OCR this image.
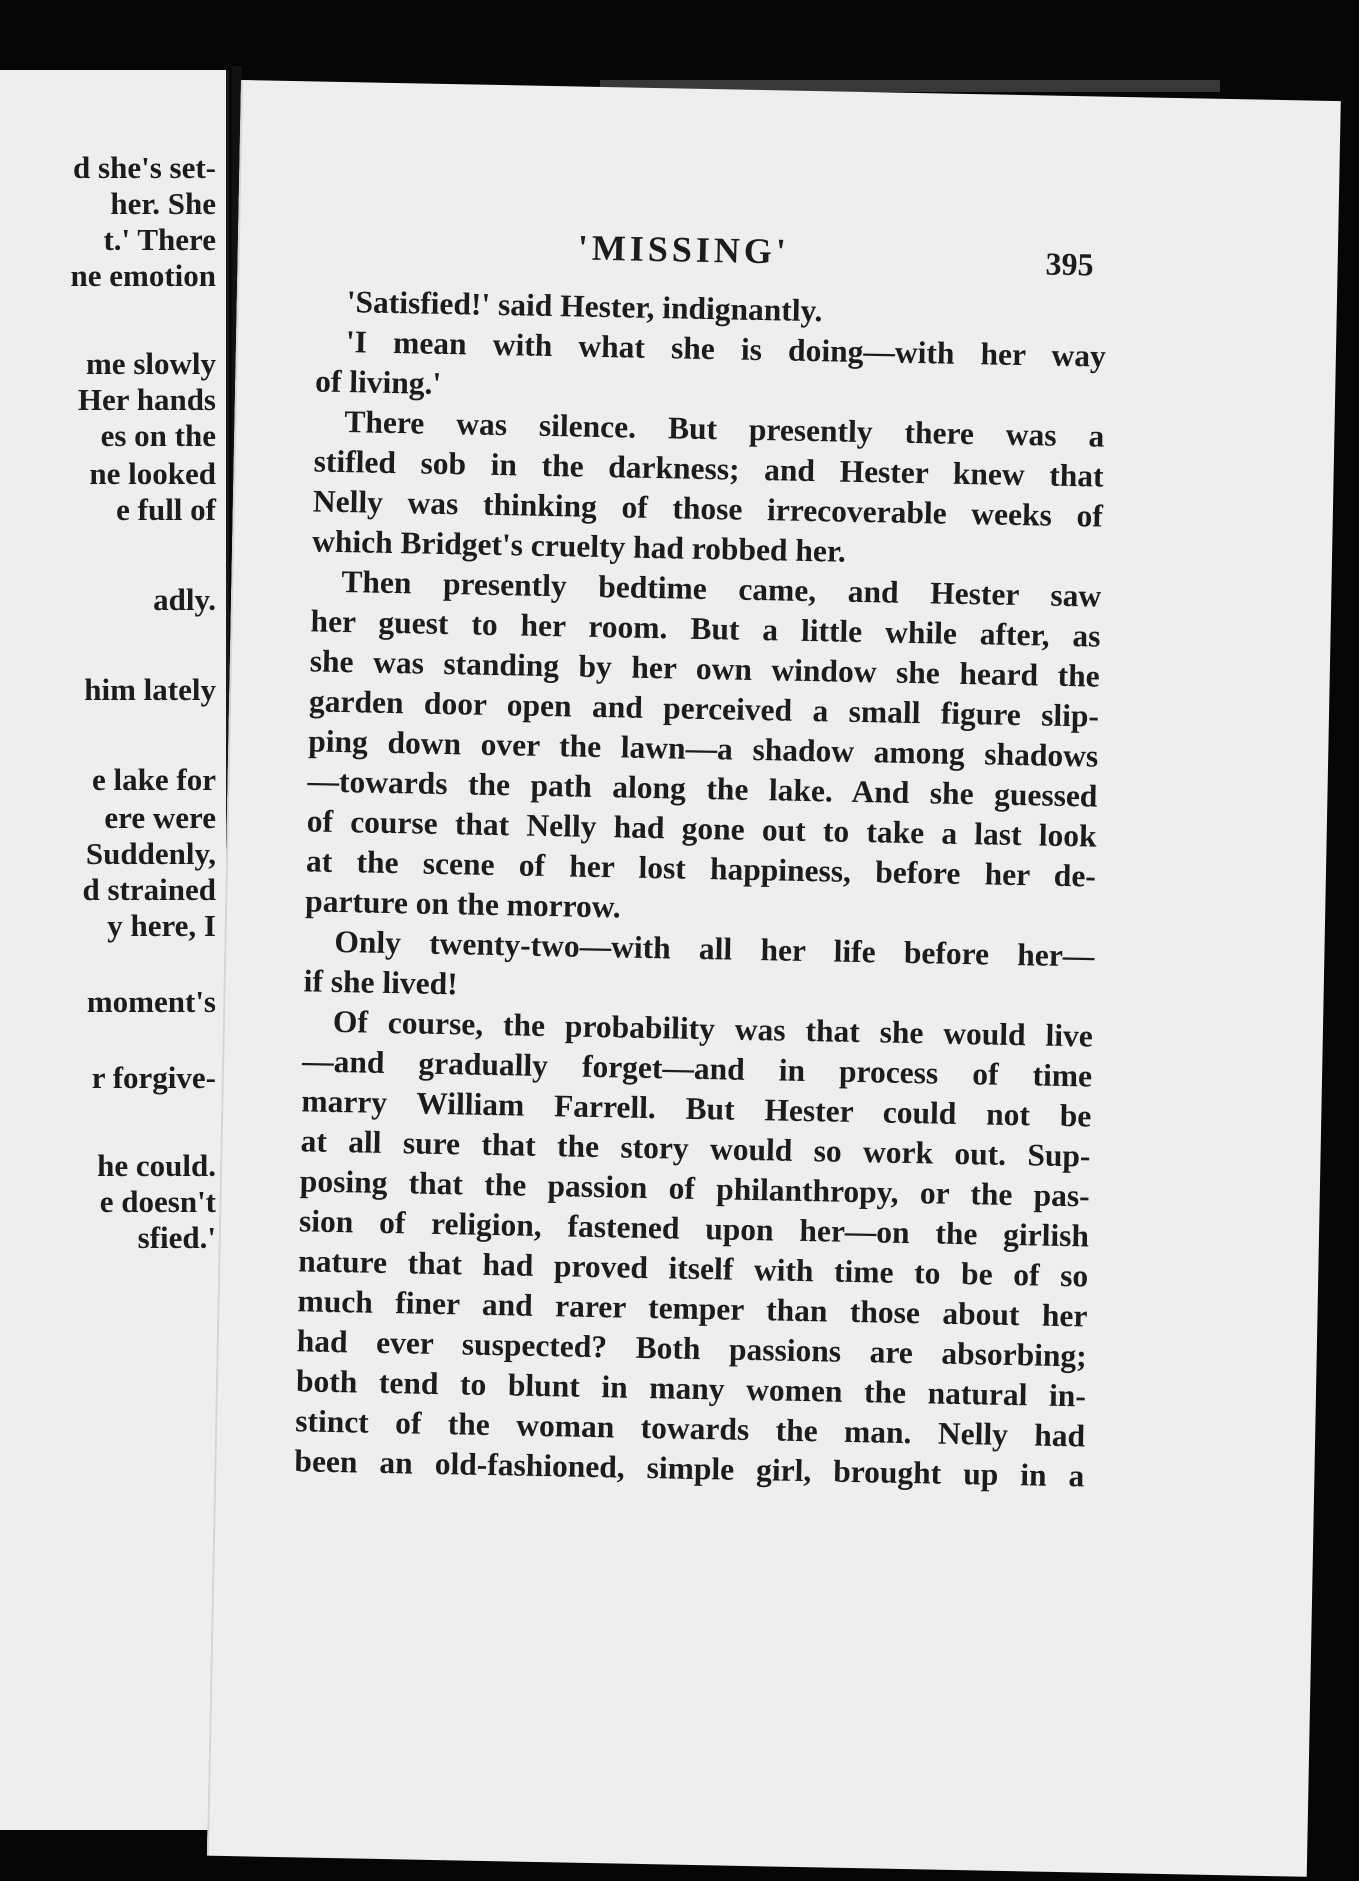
d she's set-
her. She
t.' There
ne emotion
me slowly
Her hands
es on the
ne looked
e full of
adly.
him lately
e lake for
ere were
Suddenly,
d strained
y here, I
moment's
r forgive-
he could.
e doesn't
sfied.'
'MISSING'	395
'Satisfied!' said Hester, indignantly.
'I mean with what she is doing—with her way
of living.'
There was silence. But presently there was a
stifled sob in the darkness; and Hester knew that
Nelly was thinking of those irrecoverable weeks of
which Bridget's cruelty had robbed her.
Then presently bedtime came, and Hester saw
her guest to her room. But a little while after, as
she was standing by her own window she heard the
garden door open and perceived a small figure slip-
ping down over the lawn—a shadow among shadows
—towards the path along the lake. And she guessed
of course that Nelly had gone out to take a last look
at the scene of her lost happiness, before her de-
parture on the morrow.
Only twenty-two—with all her life before her—
if she lived!
Of course, the probability was that she would live
—and gradually forget—and in process of time
marry William Farrell. But Hester could not be
at all sure that the story would so work out. Sup-
posing that the passion of philanthropy, or the pas-
sion of religion, fastened upon her—on the girlish
nature that had proved itself with time to be of so
much finer and rarer temper than those about her
had ever suspected? Both passions are absorbing;
both tend to blunt in many women the natural in-
stinct of the woman towards the man. Nelly had
been an old-fashioned, simple girl, brought up in a
